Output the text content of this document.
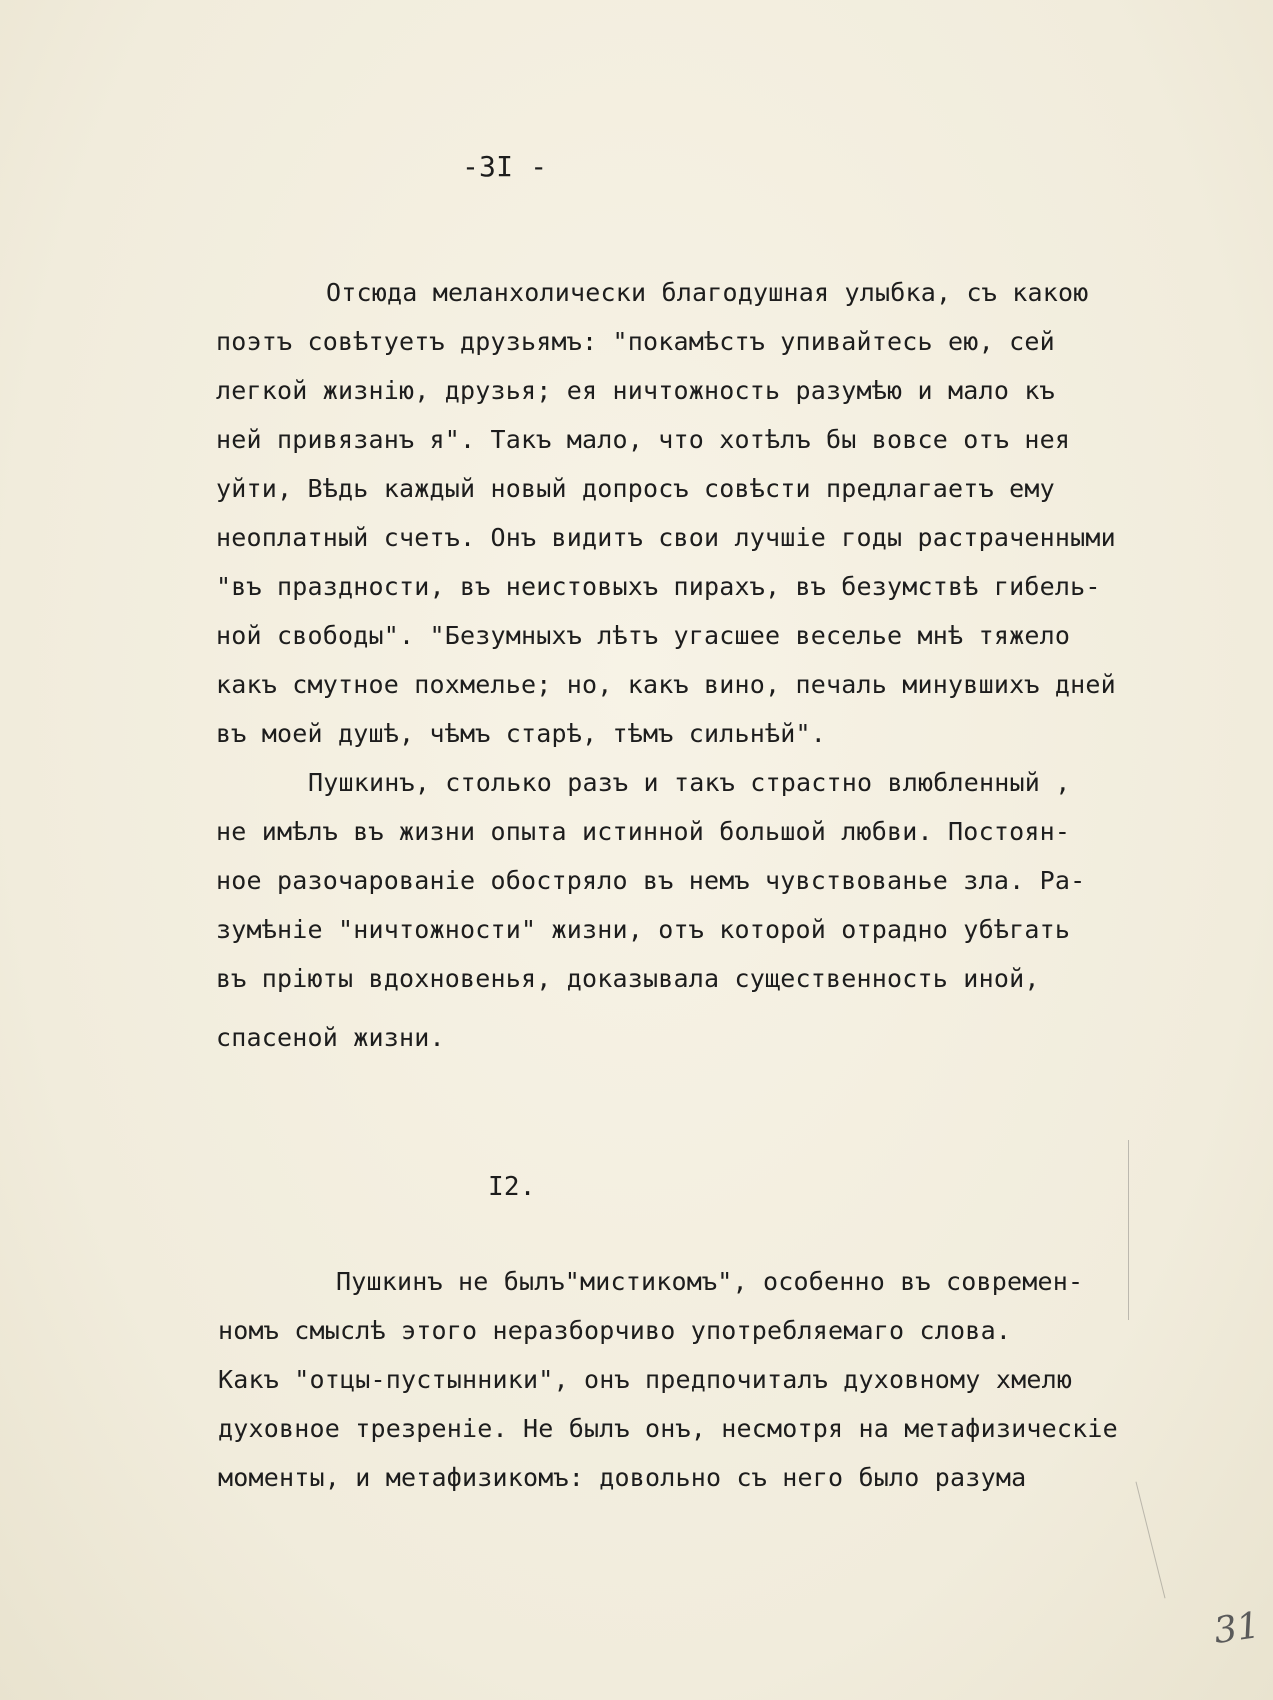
-3I -
Отсюда меланхолически благодушная улыбка, съ какою
поэтъ совѣтуетъ друзьямъ: "покамѣстъ упивайтесь ею, сей
легкой жизнію, друзья; ея ничтожность разумѣю и мало къ
ней привязанъ я". Такъ мало, что хотѣлъ бы вовсе отъ нея
уйти, Вѣдь каждый новый допросъ совѣсти предлагаетъ ему
неоплатный счетъ. Онъ видитъ свои лучшіе годы растраченными
"въ праздности, въ неистовыхъ пирахъ, въ безумствѣ гибель-
ной свободы". "Безумныхъ лѣтъ угасшее веселье мнѣ тяжело
какъ смутное похмелье; но, какъ вино, печаль минувшихъ дней
въ моей душѣ, чѣмъ старѣ, тѣмъ сильнѣй".
Пушкинъ, столько разъ и такъ страстно влюбленный ,
не имѣлъ въ жизни опыта истинной большой любви. Постоян-
ное разочарованіе обостряло въ немъ чувствованье зла. Ра-
зумѣніе "ничтожности" жизни, отъ которой отрадно убѣгать
въ пріюты вдохновенья, доказывала существенность иной,
спасеной жизни.
I2.
Пушкинъ не былъ"мистикомъ", особенно въ современ-
номъ смыслѣ этого неразборчиво употребляемаго слова.
Какъ "отцы-пустынники", онъ предпочиталъ духовному хмелю
духовное трезреніе. Не былъ онъ, несмотря на метафизическіе
моменты, и метафизикомъ: довольно съ него было разума
31
